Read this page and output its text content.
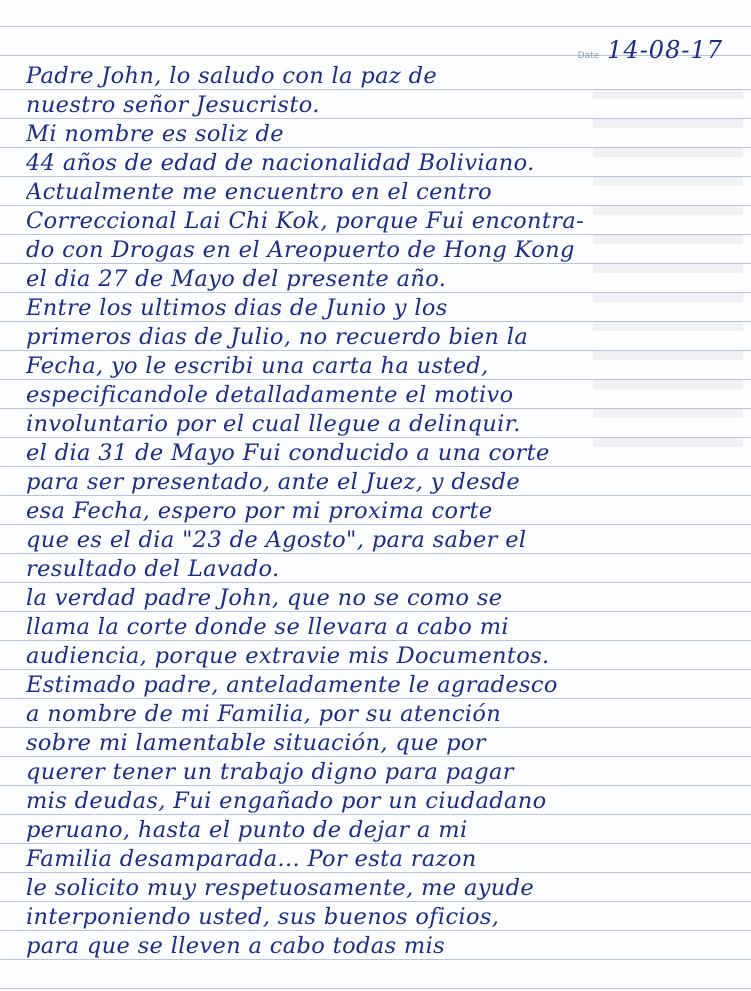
Date 14-08-17
Padre John, lo saludo con la paz de
nuestro señor Jesucristo.
Mi nombre es soliz de
44 años de edad de nacionalidad Boliviano.
Actualmente me encuentro en el centro
Correccional Lai Chi Kok, porque Fui encontra-
do con Drogas en el Areopuerto de Hong Kong
el dia 27 de Mayo del presente año.
Entre los ultimos dias de Junio y los
primeros dias de Julio, no recuerdo bien la
Fecha, yo le escribi una carta ha usted,
especificandole detalladamente el motivo
involuntario por el cual llegue a delinquir.
el dia 31 de Mayo Fui conducido a una corte
para ser presentado, ante el Juez, y desde
esa Fecha, espero por mi proxima corte
que es el dia "23 de Agosto", para saber el
resultado del Lavado.
la verdad padre John, que no se como se
llama la corte donde se llevara a cabo mi
audiencia, porque extravie mis Documentos.
Estimado padre, anteladamente le agradesco
a nombre de mi Familia, por su atención
sobre mi lamentable situación, que por
querer tener un trabajo digno para pagar
mis deudas, Fui engañado por un ciudadano
peruano, hasta el punto de dejar a mi
Familia desamparada... Por esta razon
le solicito muy respetuosamente, me ayude
interponiendo usted, sus buenos oficios,
para que se lleven a cabo todas mis
